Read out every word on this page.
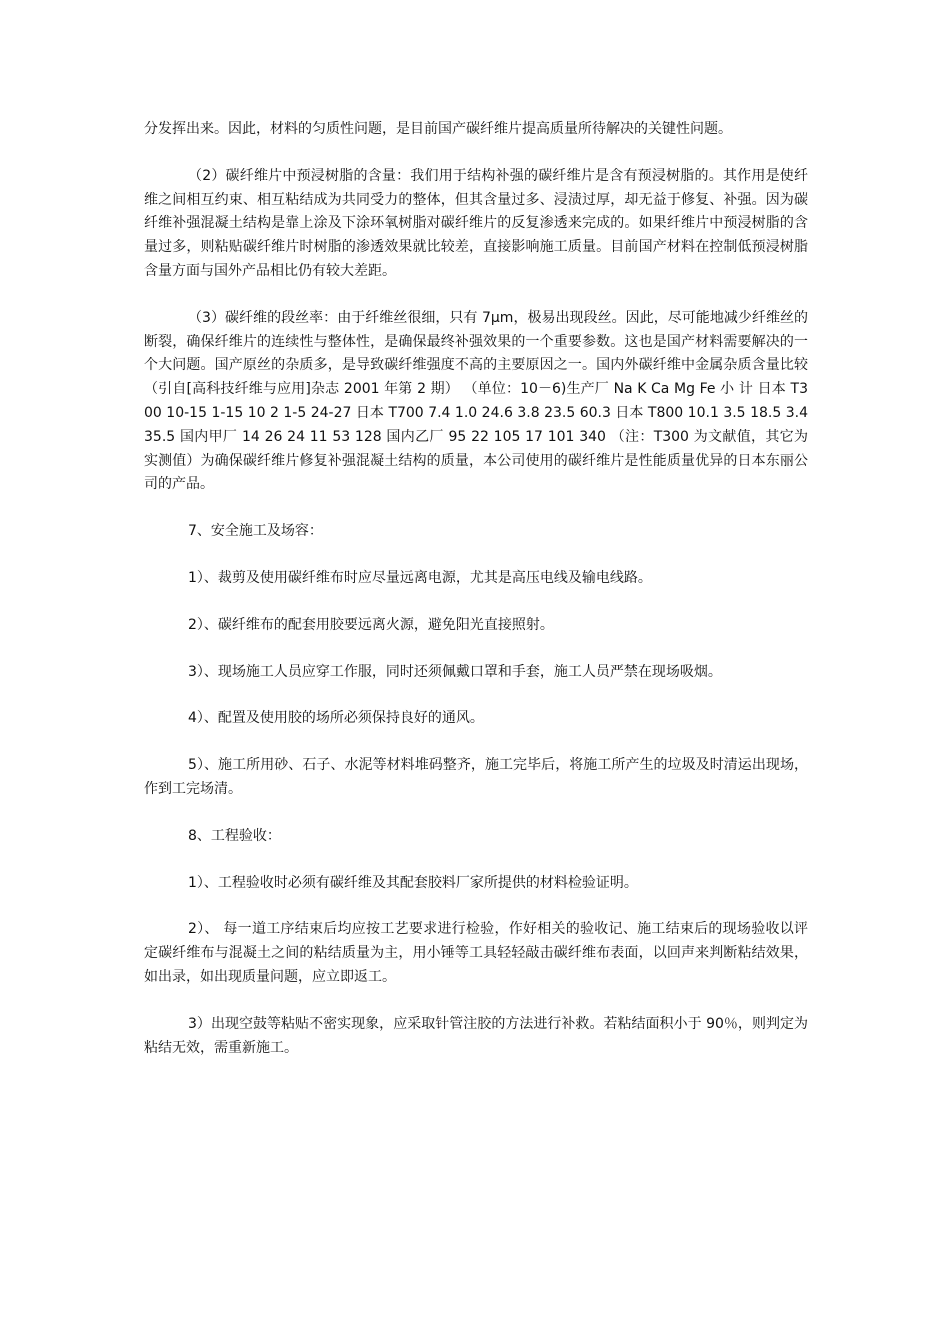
分发挥出来。因此，材料的匀质性问题，是目前国产碳纤维片提高质量所待解决的关键性问题。

（2）碳纤维片中预浸树脂的含量：我们用于结构补强的碳纤维片是含有预浸树脂的。其作用是使纤维之间相互约束、相互粘结成为共同受力的整体，但其含量过多、浸渍过厚，却无益于修复、补强。因为碳纤维补强混凝土结构是靠上涂及下涂环氧树脂对碳纤维片的反复渗透来完成的。如果纤维片中预浸树脂的含量过多，则粘贴碳纤维片时树脂的渗透效果就比较差，直接影响施工质量。目前国产材料在控制低预浸树脂含量方面与国外产品相比仍有较大差距。

（3）碳纤维的段丝率：由于纤维丝很细，只有 7μm，极易出现段丝。因此，尽可能地减少纤维丝的断裂，确保纤维片的连续性与整体性，是确保最终补强效果的一个重要参数。这也是国产材料需要解决的一个大问题。国产原丝的杂质多，是导致碳纤维强度不高的主要原因之一。国内外碳纤维中金属杂质含量比较 （引自[高科技纤维与应用]杂志 2001 年第 2 期） （单位：10－6)生产厂 Na K Ca Mg Fe 小 计 日本 T300 10-15 1-15 10 2 1-5 24-27 日本 T700 7.4 1.0 24.6 3.8 23.5 60.3 日本 T800 10.1 3.5 18.5 3.4 35.5 国内甲厂 14 26 24 11 53 128 国内乙厂 95 22 105 17 101 340 （注：T300 为文献值，其它为实测值）为确保碳纤维片修复补强混凝土结构的质量，本公司使用的碳纤维片是性能质量优异的日本东丽公司的产品。

7、安全施工及场容：

1）、裁剪及使用碳纤维布时应尽量远离电源，尤其是高压电线及输电线路。

2）、碳纤维布的配套用胶要远离火源，避免阳光直接照射。

3）、现场施工人员应穿工作服，同时还须佩戴口罩和手套，施工人员严禁在现场吸烟。

4）、配置及使用胶的场所必须保持良好的通风。

5）、施工所用砂、石子、水泥等材料堆码整齐，施工完毕后，将施工所产生的垃圾及时清运出现场，作到工完场清。

8、工程验收：

1）、工程验收时必须有碳纤维及其配套胶料厂家所提供的材料检验证明。

2）、 每一道工序结束后均应按工艺要求进行检验，作好相关的验收记、施工结束后的现场验收以评定碳纤维布与混凝土之间的粘结质量为主，用小锤等工具轻轻敲击碳纤维布表面，以回声来判断粘结效果，如出录，如出现质量问题，应立即返工。

3）出现空鼓等粘贴不密实现象，应采取针管注胶的方法进行补救。若粘结面积小于 90％，则判定为粘结无效，需重新施工。
